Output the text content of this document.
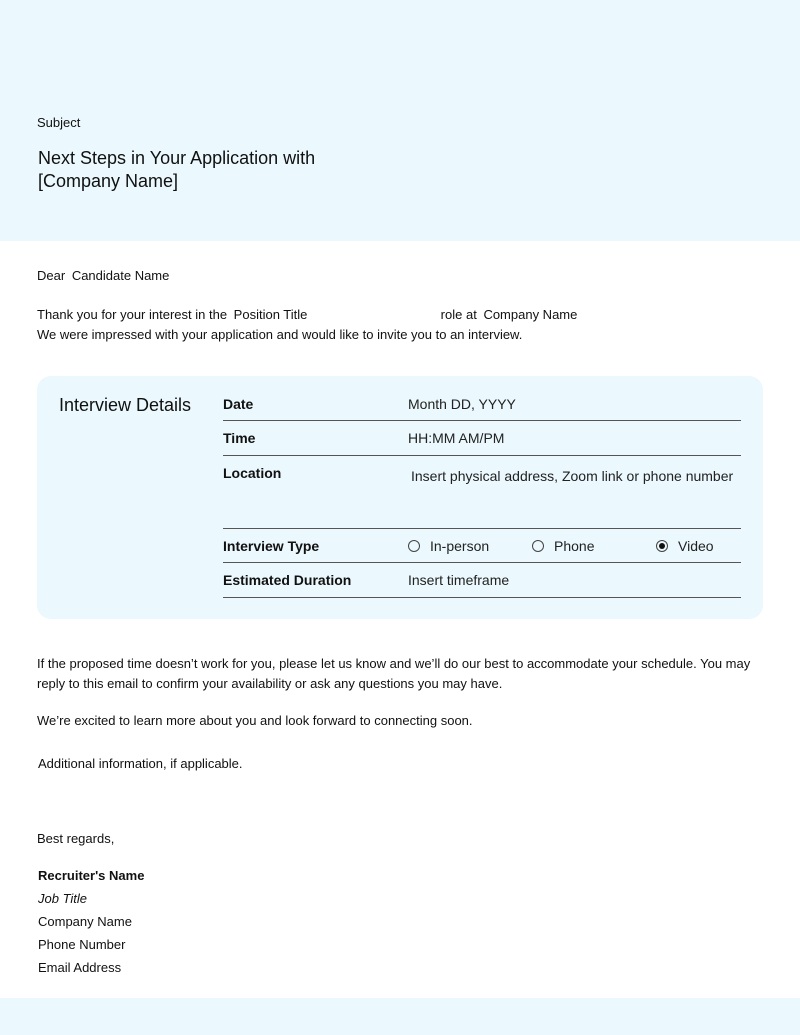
Subject
Next Steps in Your Application with
[Company Name]
Dear Candidate Name
Thank you for your interest in the Position Title	role at Company Name
We were impressed with your application and would like to invite you to an interview.
Interview Details Date	Month DD, YYYY
Time	HH:MM AM/PM
Location	Insert physical address, Zoom link or phone number
Interview Type	In-person	Phone	Video
Estimated Duration	Insert timeframe
If the proposed time doesn’t work for you, please let us know and we’ll do our best to accommodate your schedule. You may
reply to this email to confirm your availability or ask any questions you may have.
We’re excited to learn more about you and look forward to connecting soon.
Additional information, if applicable.
Best regards,
Recruiter's Name
Job Title
Company Name
Phone Number
Email Address
